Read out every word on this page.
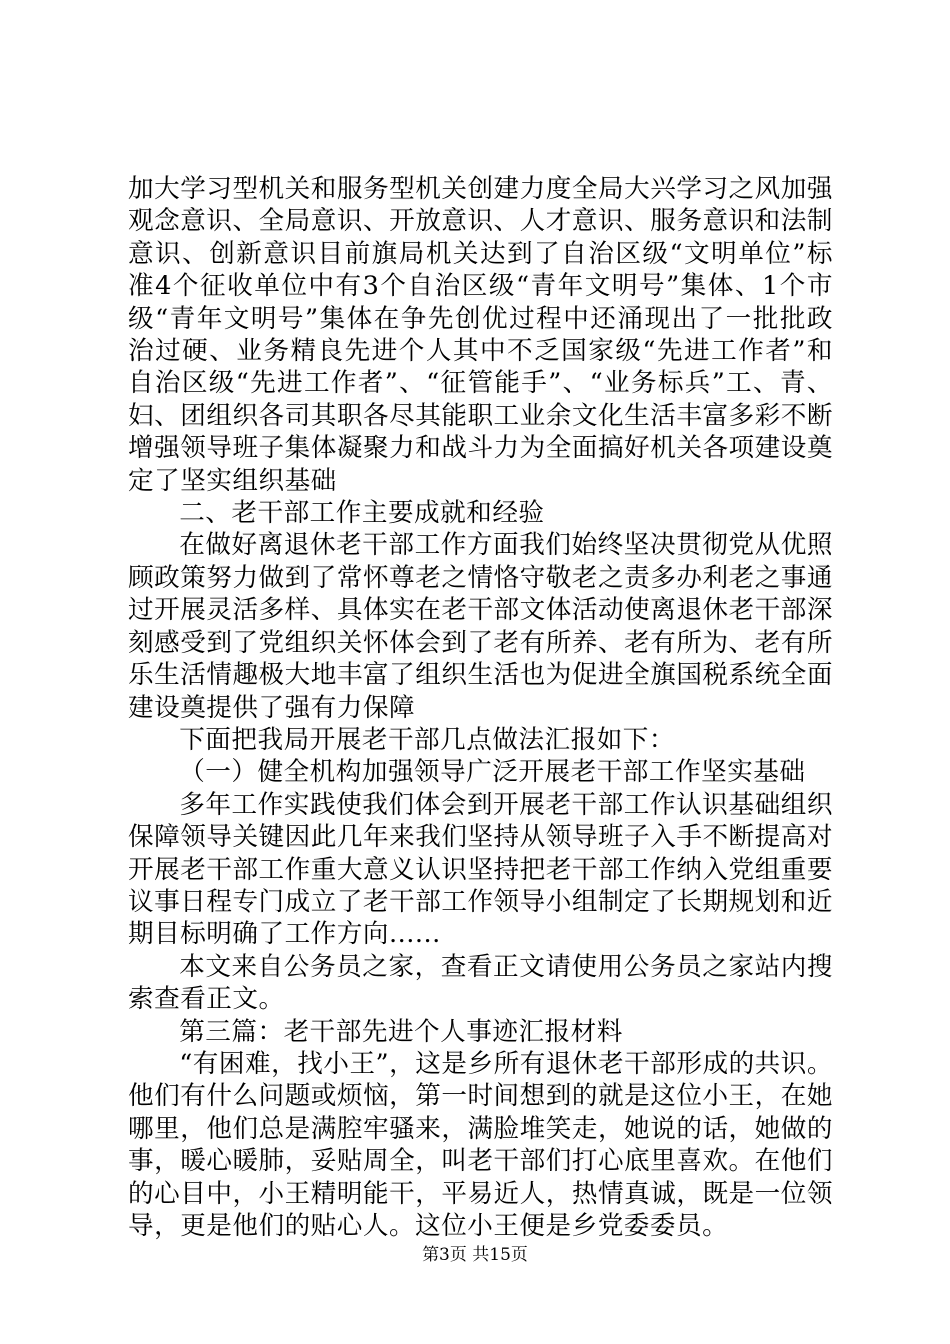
加大学习型机关和服务型机关创建力度全局大兴学习之风加强观念意识、全局意识、开放意识、人才意识、服务意识和法制意识、创新意识目前旗局机关达到了自治区级“文明单位”标准4个征收单位中有3个自治区级“青年文明号”集体、1个市级“青年文明号”集体在争先创优过程中还涌现出了一批批政治过硬、业务精良先进个人其中不乏国家级“先进工作者”和自治区级“先进工作者”、“征管能手”、“业务标兵”工、青、妇、团组织各司其职各尽其能职工业余文化生活丰富多彩不断增强领导班子集体凝聚力和战斗力为全面搞好机关各项建设奠定了坚实组织基础

二、老干部工作主要成就和经验

在做好离退休老干部工作方面我们始终坚决贯彻党从优照顾政策努力做到了常怀尊老之情恪守敬老之责多办利老之事通过开展灵活多样、具体实在老干部文体活动使离退休老干部深刻感受到了党组织关怀体会到了老有所养、老有所为、老有所乐生活情趣极大地丰富了组织生活也为促进全旗国税系统全面建设奠提供了强有力保障

下面把我局开展老干部几点做法汇报如下：

（一）健全机构加强领导广泛开展老干部工作坚实基础

多年工作实践使我们体会到开展老干部工作认识基础组织保障领导关键因此几年来我们坚持从领导班子入手不断提高对开展老干部工作重大意义认识坚持把老干部工作纳入党组重要议事日程专门成立了老干部工作领导小组制定了长期规划和近期目标明确了工作方向......

本文来自公务员之家，查看正文请使用公务员之家站内搜索查看正文。

第三篇：老干部先进个人事迹汇报材料

“有困难，找小王”，这是乡所有退休老干部形成的共识。他们有什么问题或烦恼，第一时间想到的就是这位小王，在她哪里，他们总是满腔牢骚来，满脸堆笑走，她说的话，她做的事，暖心暖肺，妥贴周全，叫老干部们打心底里喜欢。在他们的心目中，小王精明能干，平易近人，热情真诚，既是一位领导，更是他们的贴心人。这位小王便是乡党委委员。

第3页 共15页
